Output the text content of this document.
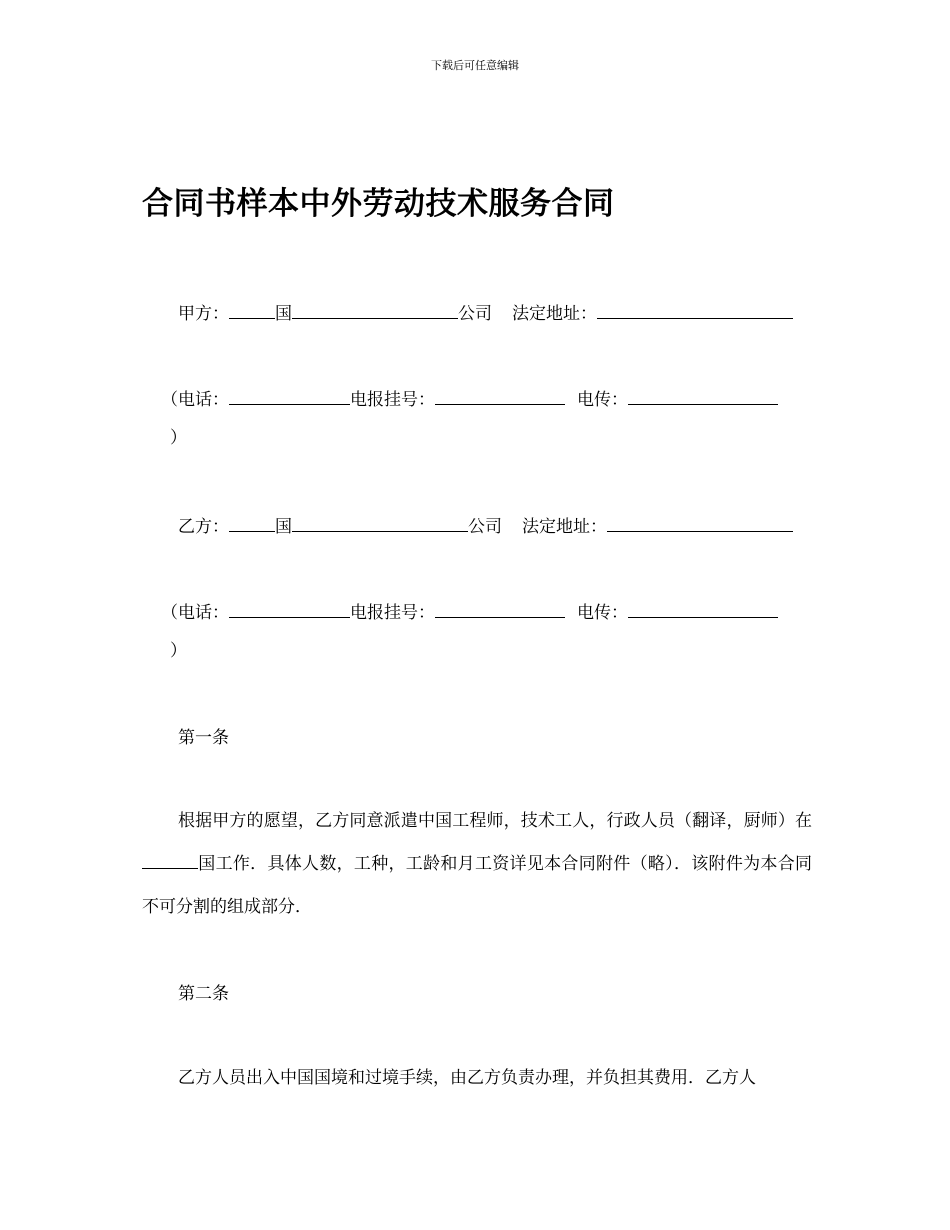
下载后可任意编辑
合同书样本中外劳动技术服务合同
甲方：	国	公司 法定地址：
（电话：	电报挂号：	电传：
）
乙方：	国	公司 法定地址：
（电话：	电报挂号：	电传：
）
第一条
根据甲方的愿望，乙方同意派遣中国工程师，技术工人，行政人员（翻译，厨师）在国工作．具体人数，工种，工龄和月工资详见本合同附件（略）．该附件为本合同不可分割的组成部分．
第二条
乙方人员出入中国国境和过境手续，由乙方负责办理，并负担其费用．乙方人
